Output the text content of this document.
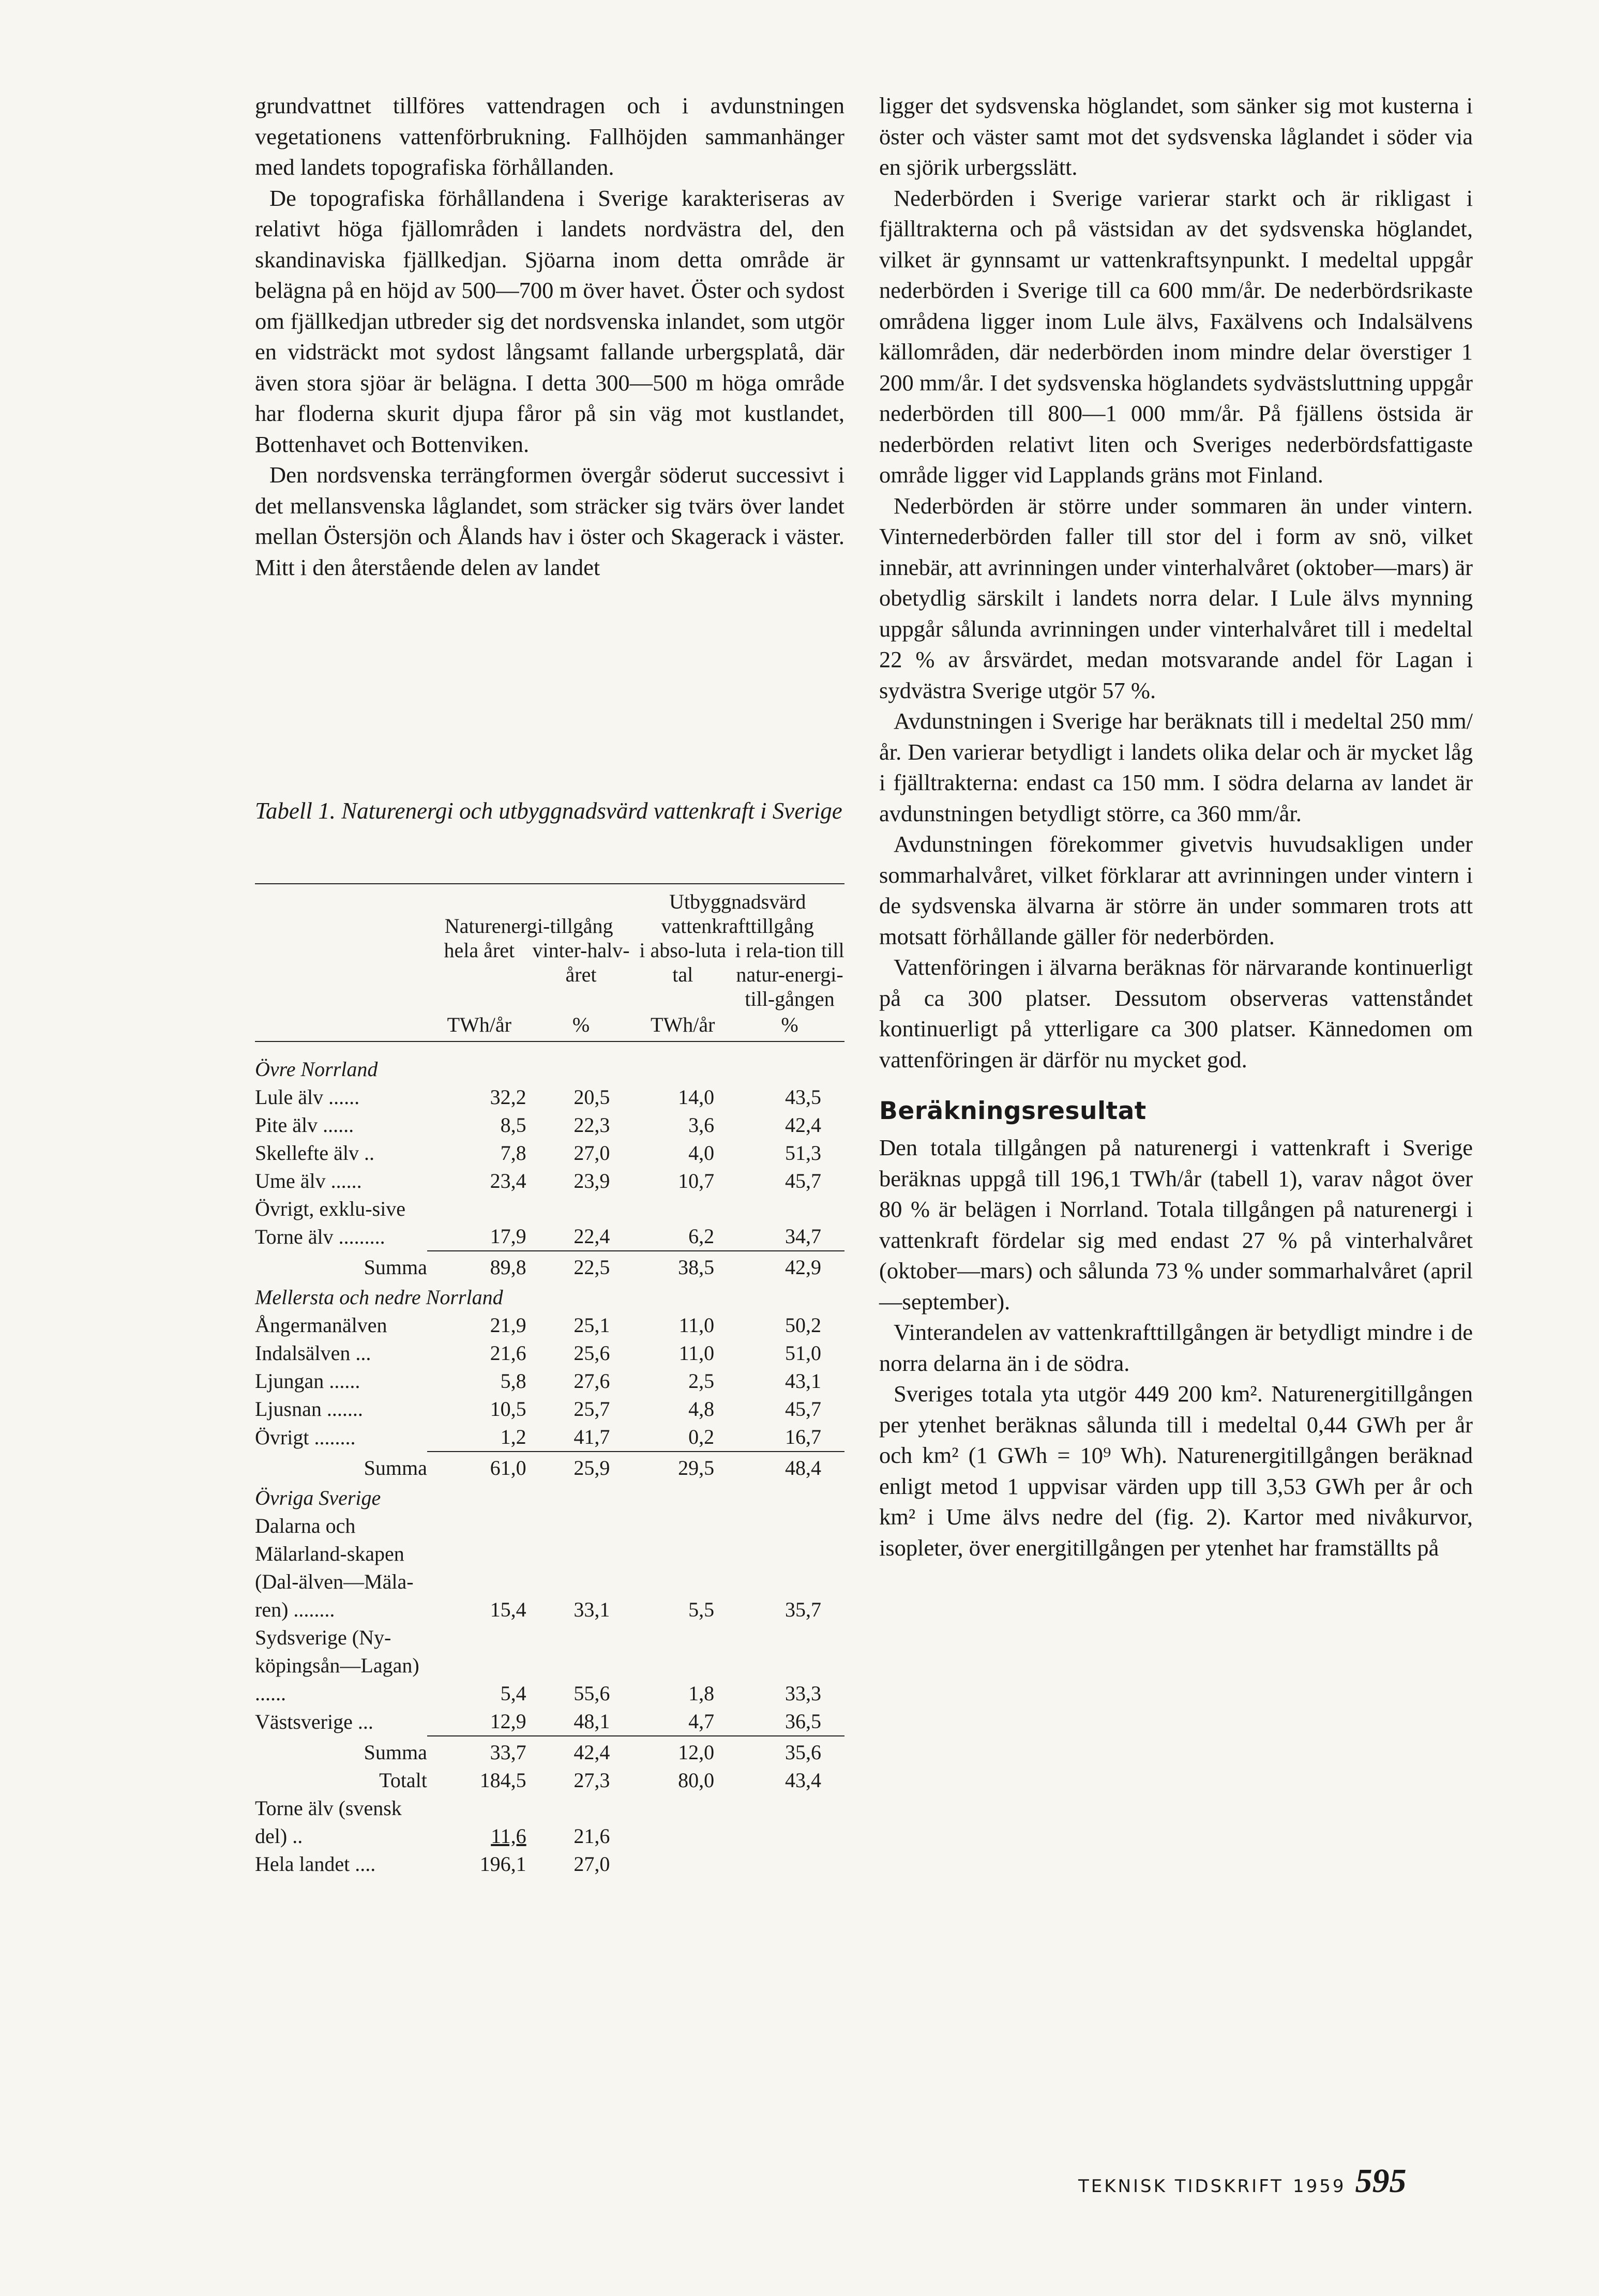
grundvattnet tillföres vattendragen och i avdunstningen vegetationens vattenförbrukning. Fallhöjden sammanhänger med landets topografiska förhållanden.

De topografiska förhållandena i Sverige karakteriseras av relativt höga fjällområden i landets nordvästra del, den skandinaviska fjällkedjan. Sjöarna inom detta område är belägna på en höjd av 500—700 m över havet. Öster och sydost om fjällkedjan utbreder sig det nordsvenska inlandet, som utgör en vidsträckt mot sydost långsamt fallande urbergsplatå, där även stora sjöar är belägna. I detta 300—500 m höga område har floderna skurit djupa fåror på sin väg mot kustlandet, Bottenhavet och Bottenviken.

Den nordsvenska terrängformen övergår söderut successivt i det mellansvenska låglandet, som sträcker sig tvärs över landet mellan Östersjön och Ålands hav i öster och Skagerack i väster. Mitt i den återstående delen av landet

Tabell 1. Naturenergi och utbyggnadsvärd vattenkraft i Sverige

	Naturenergi-tillgång		Utbyggnadsvärd vattenkrafttillgång	
	hela året	vinter-halv-året	i abso-luta tal	i rela-tion till natur-energi-till-gången
	TWh/år	%	TWh/år	%

Övre Norrland				
Lule älv ......	32,2	20,5	14,0	43,5
Pite älv ......	8,5	22,3	3,6	42,4
Skellefte älv ..	7,8	27,0	4,0	51,3
Ume älv ......	23,4	23,9	10,7	45,7
Övrigt, exklu-sive Torne älv .........	17,9	22,4	6,2	34,7
Summa	89,8	22,5	38,5	42,9
Mellersta och nedre Norrland				
Ångermanälven	21,9	25,1	11,0	50,2
Indalsälven ...	21,6	25,6	11,0	51,0
Ljungan ......	5,8	27,6	2,5	43,1
Ljusnan .......	10,5	25,7	4,8	45,7
Övrigt ........	1,2	41,7	0,2	16,7
Summa	61,0	25,9	29,5	48,4
Övriga Sverige				
Dalarna och Mälarland-skapen (Dal-älven—Mäla-ren) ........	15,4	33,1	5,5	35,7
Sydsverige (Ny-köpingsån—Lagan) ......	5,4	55,6	1,8	33,3
Västsverige ...	12,9	48,1	4,7	36,5
Summa	33,7	42,4	12,0	35,6
Totalt	184,5	27,3	80,0	43,4
Torne älv (svensk del) ..	11,6	21,6		
Hela landet ....	196,1	27,0		

ligger det sydsvenska höglandet, som sänker sig mot kusterna i öster och väster samt mot det sydsvenska låglandet i söder via en sjörik urbergsslätt.

Nederbörden i Sverige varierar starkt och är rikligast i fjälltrakterna och på västsidan av det sydsvenska höglandet, vilket är gynnsamt ur vattenkraftsynpunkt. I medeltal uppgår nederbörden i Sverige till ca 600 mm/år. De nederbördsrikaste områdena ligger inom Lule älvs, Faxälvens och Indalsälvens källområden, där nederbörden inom mindre delar överstiger 1 200 mm/år. I det sydsvenska höglandets sydvästsluttning uppgår nederbörden till 800—1 000 mm/år. På fjällens östsida är nederbörden relativt liten och Sveriges nederbördsfattigaste område ligger vid Lapplands gräns mot Finland.

Nederbörden är större under sommaren än under vintern. Vinternederbörden faller till stor del i form av snö, vilket innebär, att avrinningen under vinterhalvåret (oktober—mars) är obetydlig särskilt i landets norra delar. I Lule älvs mynning uppgår sålunda avrinningen under vinterhalvåret till i medeltal 22 % av årsvärdet, medan motsvarande andel för Lagan i sydvästra Sverige utgör 57 %.

Avdunstningen i Sverige har beräknats till i medeltal 250 mm/år. Den varierar betydligt i landets olika delar och är mycket låg i fjälltrakterna: endast ca 150 mm. I södra delarna av landet är avdunstningen betydligt större, ca 360 mm/år.

Avdunstningen förekommer givetvis huvudsakligen under sommarhalvåret, vilket förklarar att avrinningen under vintern i de sydsvenska älvarna är större än under sommaren trots att motsatt förhållande gäller för nederbörden.

Vattenföringen i älvarna beräknas för närvarande kontinuerligt på ca 300 platser. Dessutom observeras vattenståndet kontinuerligt på ytterligare ca 300 platser. Kännedomen om vattenföringen är därför nu mycket god.

Beräkningsresultat

Den totala tillgången på naturenergi i vattenkraft i Sverige beräknas uppgå till 196,1 TWh/år (tabell 1), varav något över 80 % är belägen i Norrland. Totala tillgången på naturenergi i vattenkraft fördelar sig med endast 27 % på vinterhalvåret (oktober—mars) och sålunda 73 % under sommarhalvåret (april—september).

Vinterandelen av vattenkrafttillgången är betydligt mindre i de norra delarna än i de södra.

Sveriges totala yta utgör 449 200 km². Naturenergitillgången per ytenhet beräknas sålunda till i medeltal 0,44 GWh per år och km² (1 GWh = 10⁹ Wh). Naturenergitillgången beräknad enligt metod 1 uppvisar värden upp till 3,53 GWh per år och km² i Ume älvs nedre del (fig. 2). Kartor med nivåkurvor, isopleter, över energitillgången per ytenhet har framställts på

TEKNISK TIDSKRIFT 1959 595
